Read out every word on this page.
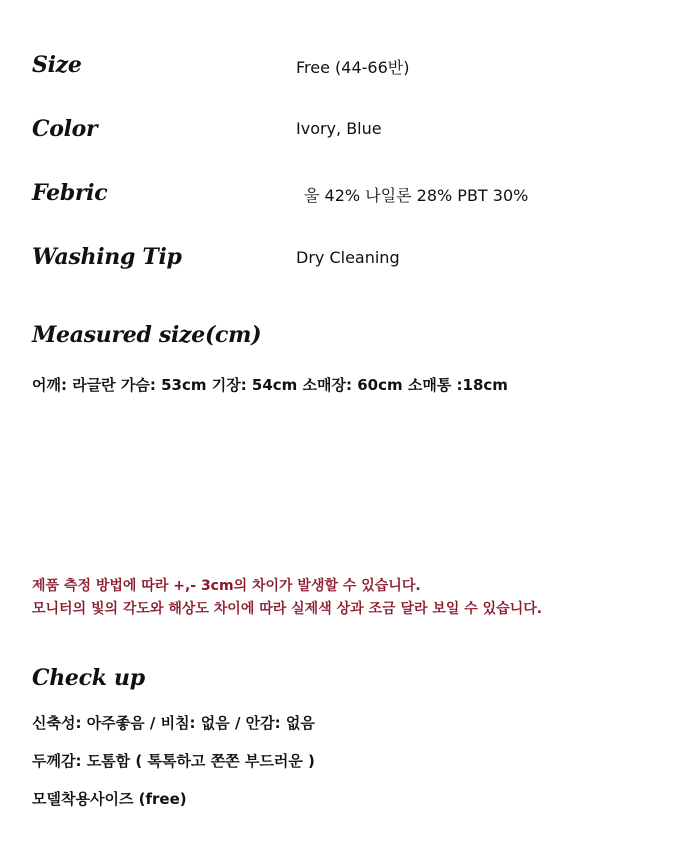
Size	Free (44-66반)
Color	Ivory, Blue
Febric	울 42% 나일론 28% PBT 30%
Washing Tip	Dry Cleaning
Measured size(cm)
어깨: 라글란 가슴: 53cm 기장: 54cm 소매장: 60cm 소매통 :18cm
제품 측정 방법에 따라 +,- 3cm의 차이가 발생할 수 있습니다.
모니터의 빛의 각도와 해상도 차이에 따라 실제색 상과 조금 달라 보일 수 있습니다.
Check up
신축성: 아주좋음 / 비침: 없음 / 안감: 없음
두께감: 도톰함 ( 톡톡하고 쫀쫀 부드러운 )
모델착용사이즈 (free)
